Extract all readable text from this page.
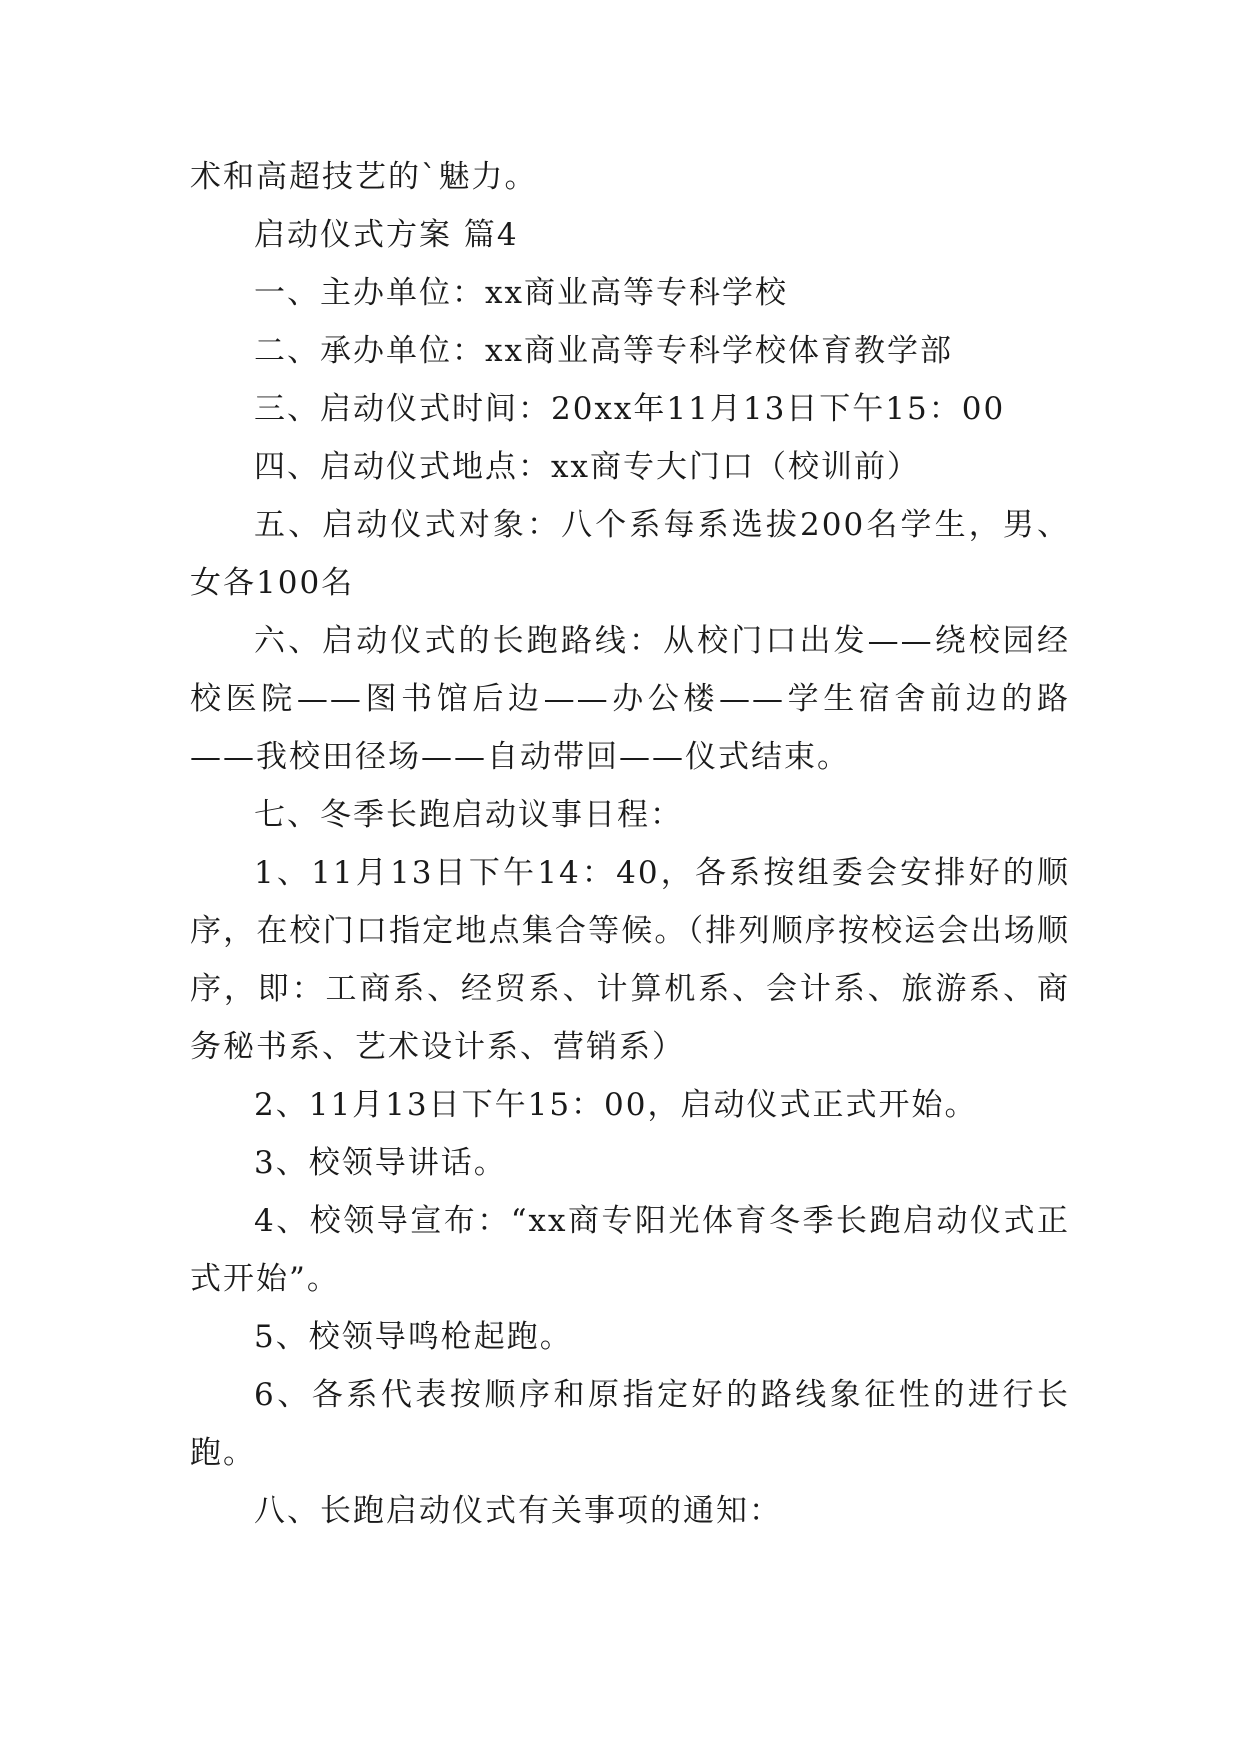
术和高超技艺的`魅力。

启动仪式方案 篇4

一、主办单位：xx商业高等专科学校

二、承办单位：xx商业高等专科学校体育教学部

三、启动仪式时间：20xx年11月13日下午15：00

四、启动仪式地点：xx商专大门口（校训前）

五、启动仪式对象：八个系每系选拔200名学生，男、女各100名

六、启动仪式的长跑路线：从校门口出发——绕校园经校医院——图书馆后边——办公楼——学生宿舍前边的路——我校田径场——自动带回——仪式结束。

七、冬季长跑启动议事日程：

1、11月13日下午14：40，各系按组委会安排好的顺序，在校门口指定地点集合等候。（排列顺序按校运会出场顺序，即：工商系、经贸系、计算机系、会计系、旅游系、商务秘书系、艺术设计系、营销系）

2、11月13日下午15：00，启动仪式正式开始。

3、校领导讲话。

4、校领导宣布：“xx商专阳光体育冬季长跑启动仪式正式开始”。

5、校领导鸣枪起跑。

6、各系代表按顺序和原指定好的路线象征性的进行长跑。

八、长跑启动仪式有关事项的通知：
